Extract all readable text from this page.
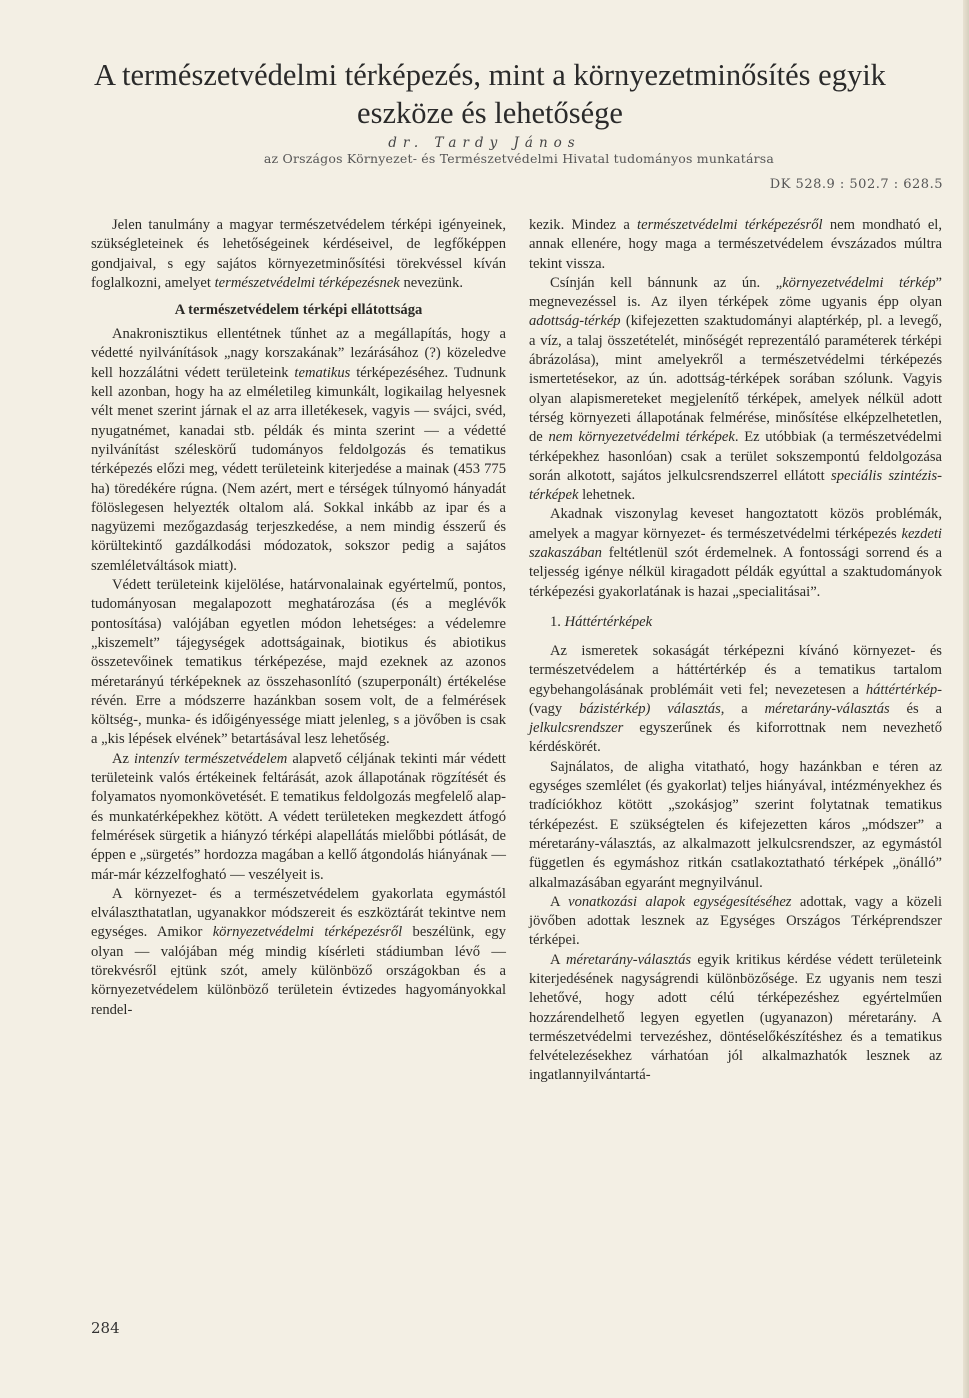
A természetvédelmi térképezés, mint a környezetminősítés egyik eszköze és lehetősége
dr. Tardy János
az Országos Környezet- és Természetvédelmi Hivatal tudományos munkatársa
DK 528.9 : 502.7 : 628.5

Jelen tanulmány a magyar természetvédelem térképi igényeinek, szükségleteinek és lehetőségeinek kérdéseivel, de legfőképpen gondjaival, s egy sajátos környezetminősítési törekvéssel kíván foglalkozni, amelyet természetvédelmi térképezésnek nevezünk.

A természetvédelem térképi ellátottsága

Anakronisztikus ellentétnek tűnhet az a megállapítás, hogy a védetté nyilvánítások „nagy korszakának” lezárásához (?) közeledve kell hozzálátni védett területeink tematikus térképezéséhez. Tudnunk kell azonban, hogy ha az elméletileg kimunkált, logikailag helyesnek vélt menet szerint járnak el az arra illetékesek, vagyis — svájci, svéd, nyugatnémet, kanadai stb. példák és minta szerint — a védetté nyilvánítást széleskörű tudományos feldolgozás és tematikus térképezés előzi meg, védett területeink kiterjedése a mainak (453 775 ha) töredékére rúgna. (Nem azért, mert e térségek túlnyomó hányadát fölöslegesen helyezték oltalom alá. Sokkal inkább az ipar és a nagyüzemi mezőgazdaság terjeszkedése, a nem mindig ésszerű és körültekintő gazdálkodási módozatok, sokszor pedig a sajátos szemléletváltások miatt).

Védett területeink kijelölése, határvonalainak egyértelmű, pontos, tudományosan megalapozott meghatározása (és a meglévők pontosítása) valójában egyetlen módon lehetséges: a védelemre „kiszemelt” tájegységek adottságainak, biotikus és abiotikus összetevőinek tematikus térképezése, majd ezeknek az azonos méretarányú térképeknek az összehasonlító (szuperponált) értékelése révén. Erre a módszerre hazánkban sosem volt, de a felmérések költség-, munka- és időigényessége miatt jelenleg, s a jövőben is csak a „kis lépések elvének” betartásával lesz lehetőség.

Az intenzív természetvédelem alapvető céljának tekinti már védett területeink valós értékeinek feltárását, azok állapotának rögzítését és folyamatos nyomonkövetését. E tematikus feldolgozás megfelelő alap- és munkatérképekhez kötött. A védett területeken megkezdett átfogó felmérések sürgetik a hiányzó térképi alapellátás mielőbbi pótlását, de éppen e „sürgetés” hordozza magában a kellő átgondolás hiányának — már-már kézzelfogható — veszélyeit is.

A környezet- és a természetvédelem gyakorlata egymástól elválaszthatatlan, ugyanakkor módszereit és eszköztárát tekintve nem egységes. Amikor környezetvédelmi térképezésről beszélünk, egy olyan — valójában még mindig kísérleti stádiumban lévő — törekvésről ejtünk szót, amely különböző országokban és a környezetvédelem különböző területein évtizedes hagyományokkal rendel-

kezik. Mindez a természetvédelmi térképezésről nem mondható el, annak ellenére, hogy maga a természetvédelem évszázados múltra tekint vissza.

Csínján kell bánnunk az ún. „környezetvédelmi térkép” megnevezéssel is. Az ilyen térképek zöme ugyanis épp olyan adottság-térkép (kifejezetten szaktudományi alaptérkép, pl. a levegő, a víz, a talaj összetételét, minőségét reprezentáló paraméterek térképi ábrázolása), mint amelyekről a természetvédelmi térképezés ismertetésekor, az ún. adottság-térképek sorában szólunk. Vagyis olyan alapismereteket megjelenítő térképek, amelyek nélkül adott térség környezeti állapotának felmérése, minősítése elképzelhetetlen, de nem környezetvédelmi térképek. Ez utóbbiak (a természetvédelmi térképekhez hasonlóan) csak a terület sokszempontú feldolgozása során alkotott, sajátos jelkulcsrendszerrel ellátott speciális szintézis-térképek lehetnek.

Akadnak viszonylag keveset hangoztatott közös problémák, amelyek a magyar környezet- és természetvédelmi térképezés kezdeti szakaszában feltétlenül szót érdemelnek. A fontossági sorrend és a teljesség igénye nélkül kiragadott példák egyúttal a szaktudományok térképezési gyakorlatának is hazai „specialitásai”.

1. Háttértérképek

Az ismeretek sokaságát térképezni kívánó környezet- és természetvédelem a háttértérkép és a tematikus tartalom egybehangolásának problémáit veti fel; nevezetesen a háttértérkép- (vagy bázistérkép) választás, a méretarány-választás és a jelkulcsrendszer egyszerűnek és kiforrottnak nem nevezhető kérdéskörét.

Sajnálatos, de aligha vitatható, hogy hazánkban e téren az egységes szemlélet (és gyakorlat) teljes hiányával, intézményekhez és tradíciókhoz kötött „szokásjog” szerint folytatnak tematikus térképezést. E szükségtelen és kifejezetten káros „módszer” a méretarány-választás, az alkalmazott jelkulcsrendszer, az egymástól független és egymáshoz ritkán csatlakoztatható térképek „önálló” alkalmazásában egyaránt megnyilvánul.

A vonatkozási alapok egységesítéséhez adottak, vagy a közeli jövőben adottak lesznek az Egységes Országos Térképrendszer térképei.

A méretarány-választás egyik kritikus kérdése védett területeink kiterjedésének nagyságrendi különbözősége. Ez ugyanis nem teszi lehetővé, hogy adott célú térképezéshez egyértelműen hozzárendelhető legyen egyetlen (ugyanazon) méretarány. A természetvédelmi tervezéshez, döntéselőkészítéshez és a tematikus felvételezésekhez várhatóan jól alkalmazhatók lesznek az ingatlannyilvántartá-

284
